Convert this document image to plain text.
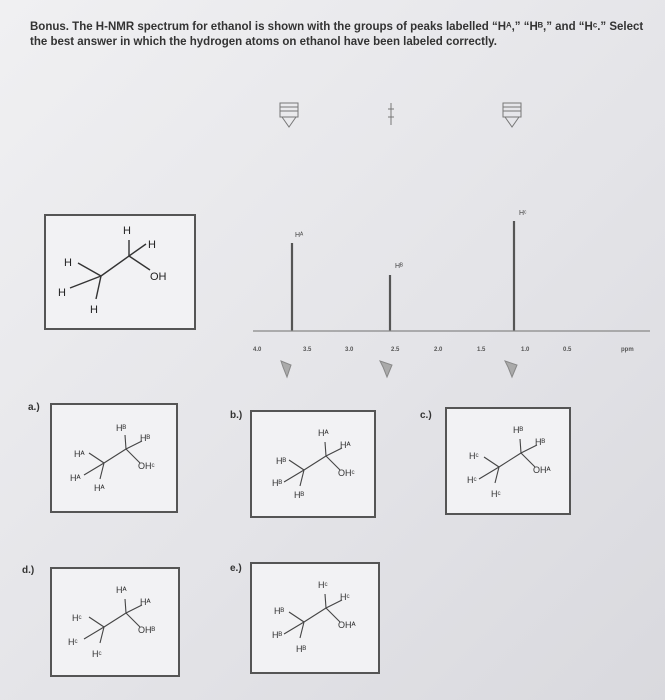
Bonus. The H-NMR spectrum for ethanol is shown with the groups of peaks labelled “Hᴬ,” “Hᴮ,” and “Hᶜ.” Select the best answer in which the hydrogen atoms on ethanol have been labeled correctly.
H
H
H
H
H
OH
Hᴬ
Hᴮ
Hᶜ
4.0	3.5	3.0	2.5	2.0	1.5	1.0	0.5	ppm
a.)
Hᴮ
Hᴮ
OHᶜ
Hᴬ
Hᴬ
Hᴬ
b.)
Hᴬ
Hᴬ
OHᶜ
Hᴮ
Hᴮ
Hᴮ
c.)
Hᴮ
Hᴮ
OHᴬ
Hᶜ
Hᶜ
Hᶜ
d.)
Hᴬ
Hᴬ
OHᴮ
Hᶜ
Hᶜ
Hᶜ
e.)
Hᶜ
Hᶜ
OHᴬ
Hᴮ
Hᴮ
Hᴮ
